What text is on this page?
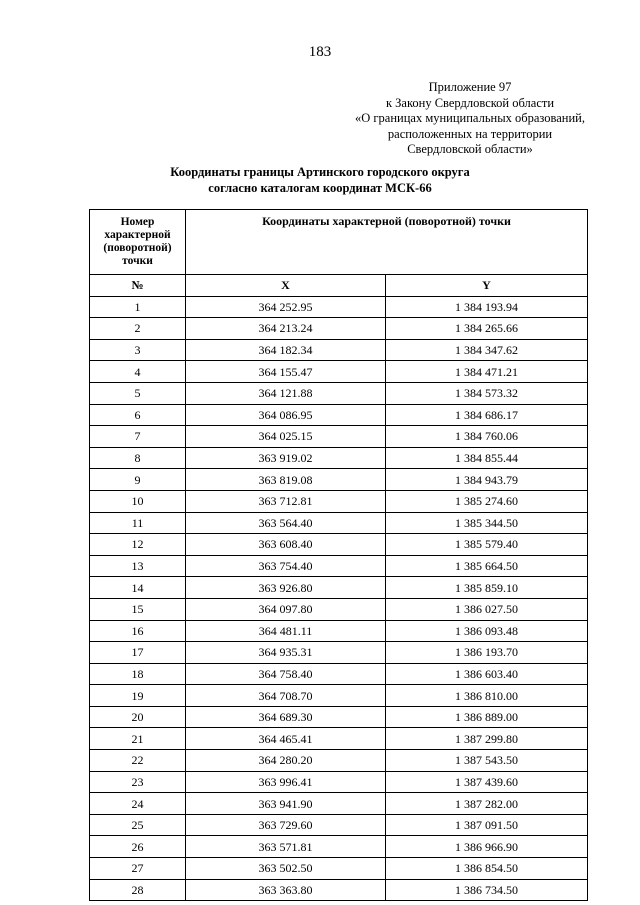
183
Приложение 97
к Закону Свердловской области
«О границах муниципальных образований,
расположенных на территории
Свердловской области»
Координаты границы Артинского городского округа
согласно каталогам координат МСК-66
Номер характерной (поворотной) точки	Координаты характерной (поворотной) точки	
№	X	Y
1	364 252.95	1 384 193.94
2	364 213.24	1 384 265.66
3	364 182.34	1 384 347.62
4	364 155.47	1 384 471.21
5	364 121.88	1 384 573.32
6	364 086.95	1 384 686.17
7	364 025.15	1 384 760.06
8	363 919.02	1 384 855.44
9	363 819.08	1 384 943.79
10	363 712.81	1 385 274.60
11	363 564.40	1 385 344.50
12	363 608.40	1 385 579.40
13	363 754.40	1 385 664.50
14	363 926.80	1 385 859.10
15	364 097.80	1 386 027.50
16	364 481.11	1 386 093.48
17	364 935.31	1 386 193.70
18	364 758.40	1 386 603.40
19	364 708.70	1 386 810.00
20	364 689.30	1 386 889.00
21	364 465.41	1 387 299.80
22	364 280.20	1 387 543.50
23	363 996.41	1 387 439.60
24	363 941.90	1 387 282.00
25	363 729.60	1 387 091.50
26	363 571.81	1 386 966.90
27	363 502.50	1 386 854.50
28	363 363.80	1 386 734.50
